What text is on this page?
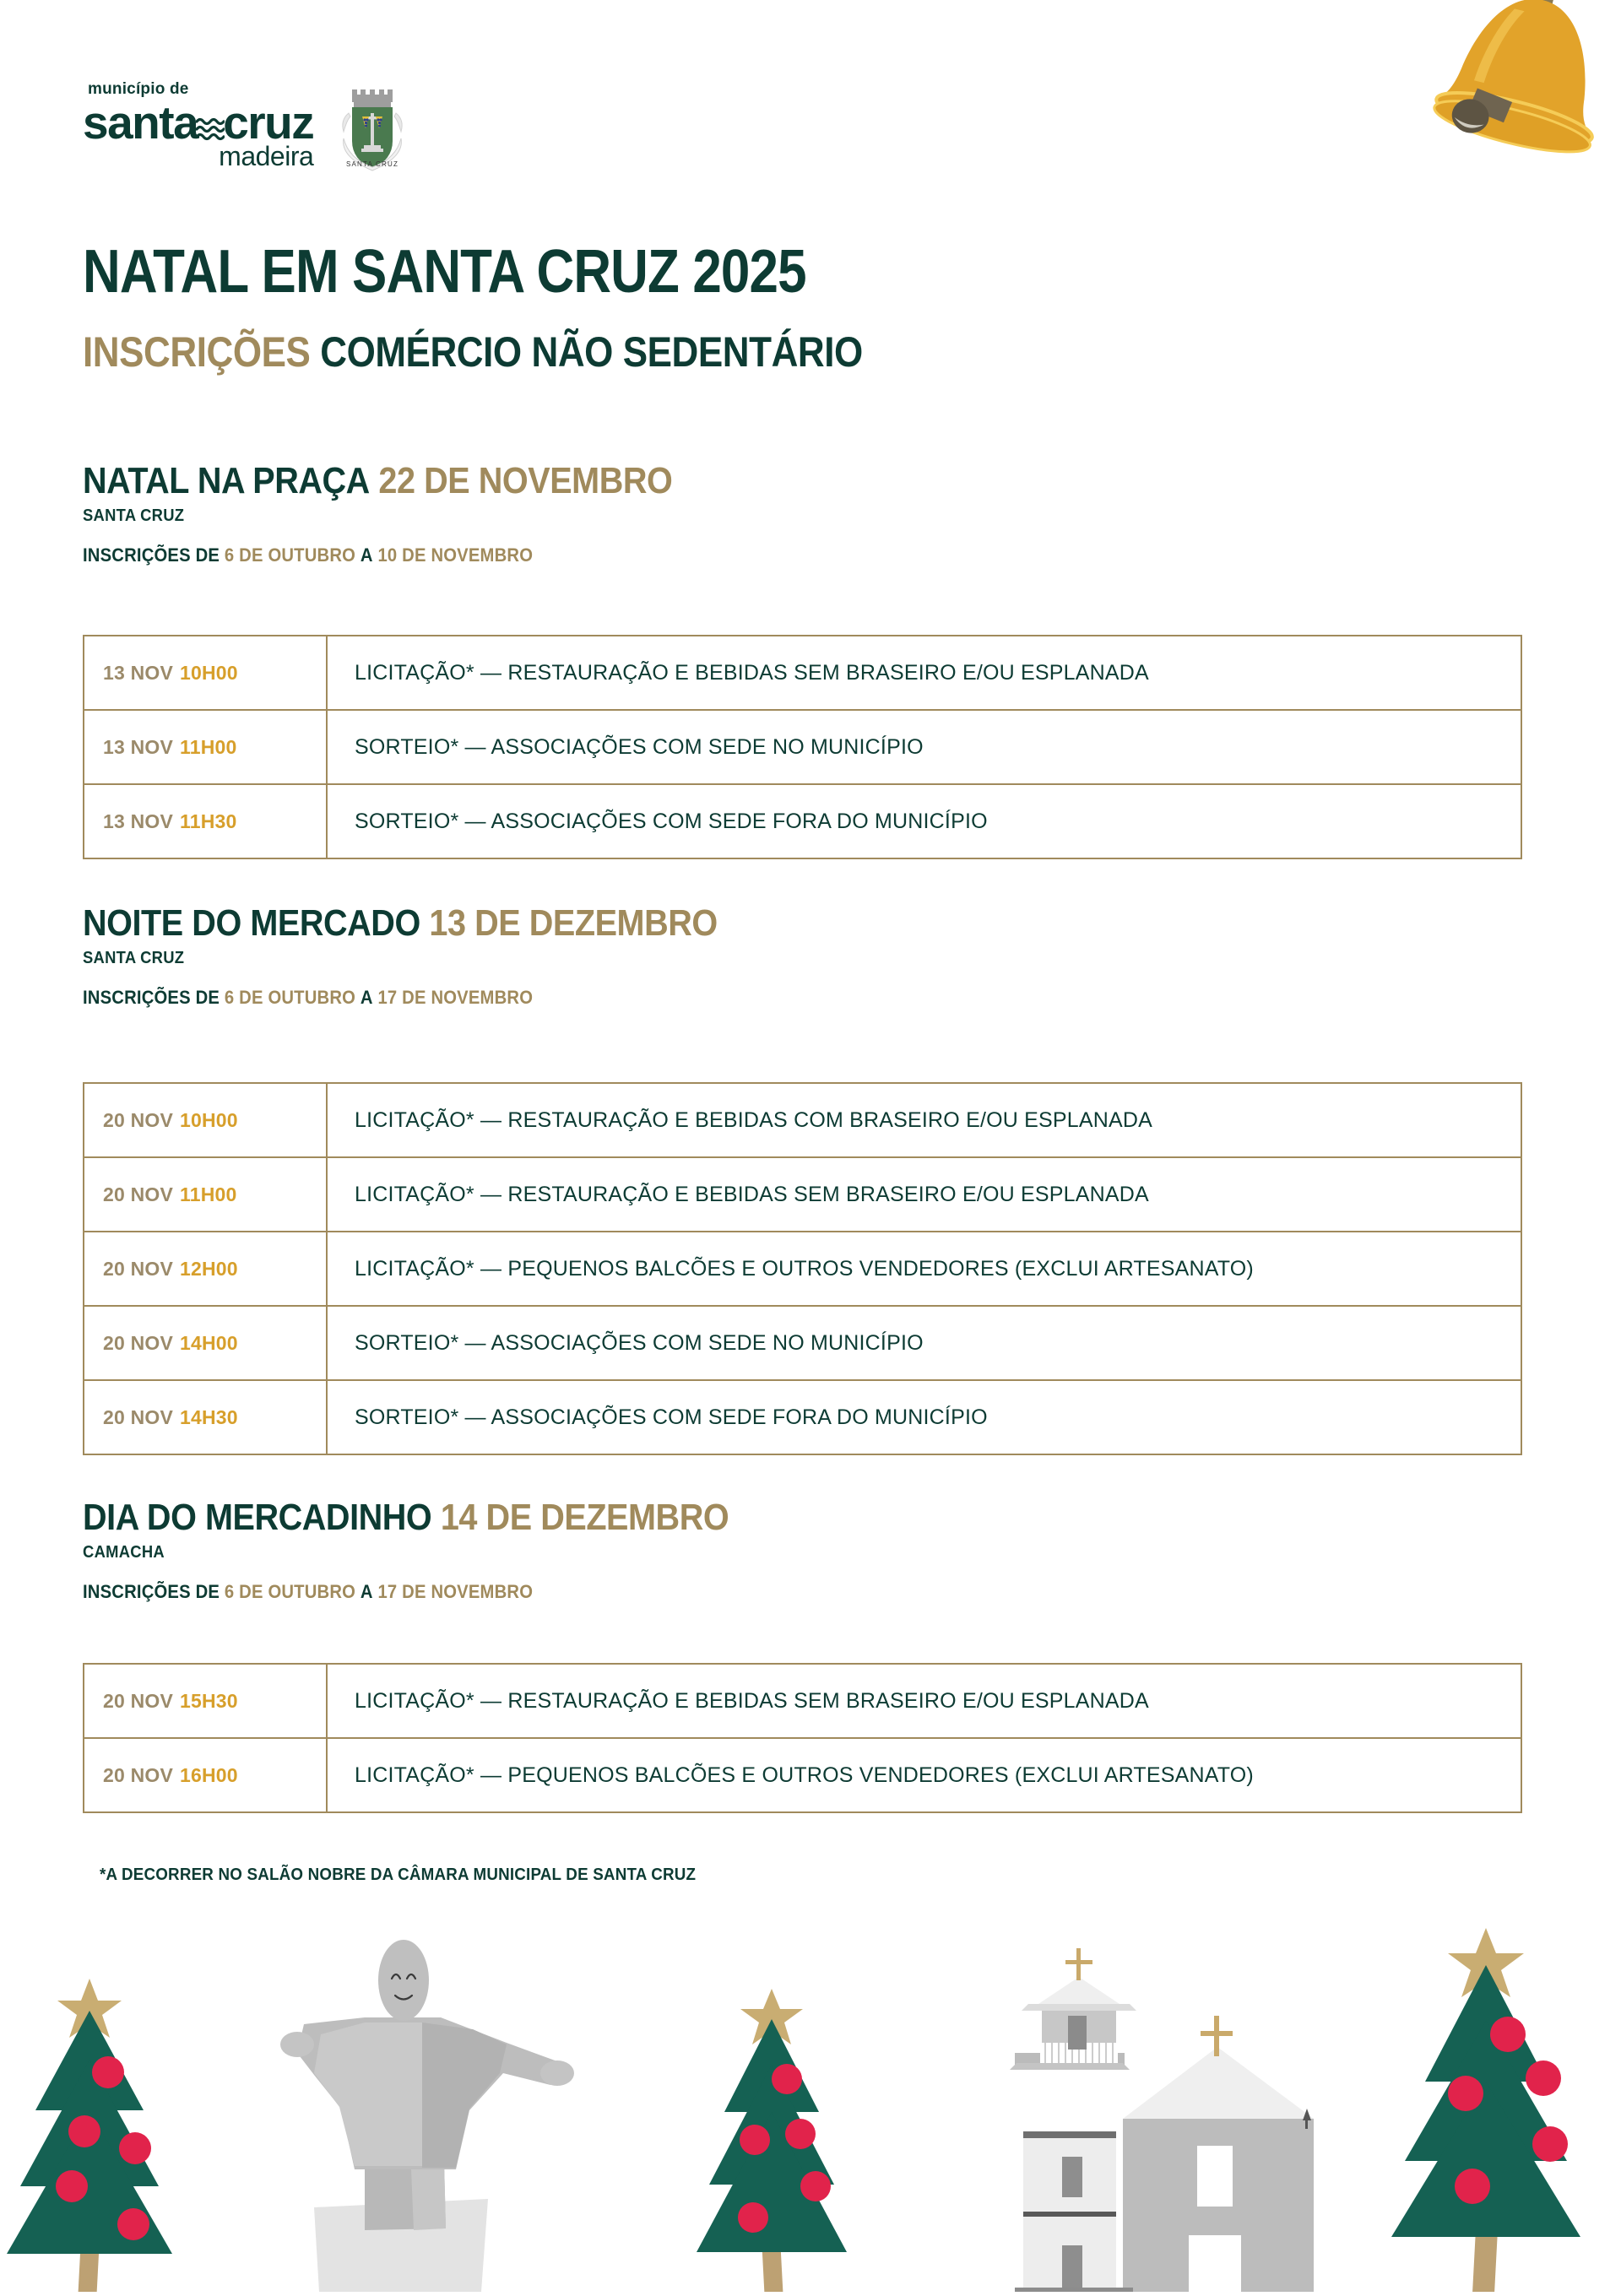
município de
santa cruz
madeira	SANTA CRUZ
NATAL EM SANTA CRUZ 2025
INSCRIÇÕES COMÉRCIO NÃO SEDENTÁRIO
NATAL NA PRAÇA 22 DE NOVEMBRO
SANTA CRUZ
INSCRIÇÕES DE 6 DE OUTUBRO A 10 DE NOVEMBRO
13 NOV 10H00	LICITAÇÃO* — RESTAURAÇÃO E BEBIDAS SEM BRASEIRO E/OU ESPLANADA
13 NOV 11H00	SORTEIO* — ASSOCIAÇÕES COM SEDE NO MUNICÍPIO
13 NOV 11H30	SORTEIO* — ASSOCIAÇÕES COM SEDE FORA DO MUNICÍPIO
NOITE DO MERCADO 13 DE DEZEMBRO
SANTA CRUZ
INSCRIÇÕES DE 6 DE OUTUBRO A 17 DE NOVEMBRO
20 NOV 10H00	LICITAÇÃO* — RESTAURAÇÃO E BEBIDAS COM BRASEIRO E/OU ESPLANADA
20 NOV 11H00	LICITAÇÃO* — RESTAURAÇÃO E BEBIDAS SEM BRASEIRO E/OU ESPLANADA
20 NOV 12H00	LICITAÇÃO* — PEQUENOS BALCÕES E OUTROS VENDEDORES (EXCLUI ARTESANATO)
20 NOV 14H00	SORTEIO* — ASSOCIAÇÕES COM SEDE NO MUNICÍPIO
20 NOV 14H30	SORTEIO* — ASSOCIAÇÕES COM SEDE FORA DO MUNICÍPIO
DIA DO MERCADINHO 14 DE DEZEMBRO
CAMACHA
INSCRIÇÕES DE 6 DE OUTUBRO A 17 DE NOVEMBRO
20 NOV 15H30	LICITAÇÃO* — RESTAURAÇÃO E BEBIDAS SEM BRASEIRO E/OU ESPLANADA
20 NOV 16H00	LICITAÇÃO* — PEQUENOS BALCÕES E OUTROS VENDEDORES (EXCLUI ARTESANATO)
*A DECORRER NO SALÃO NOBRE DA CÂMARA MUNICIPAL DE SANTA CRUZ
